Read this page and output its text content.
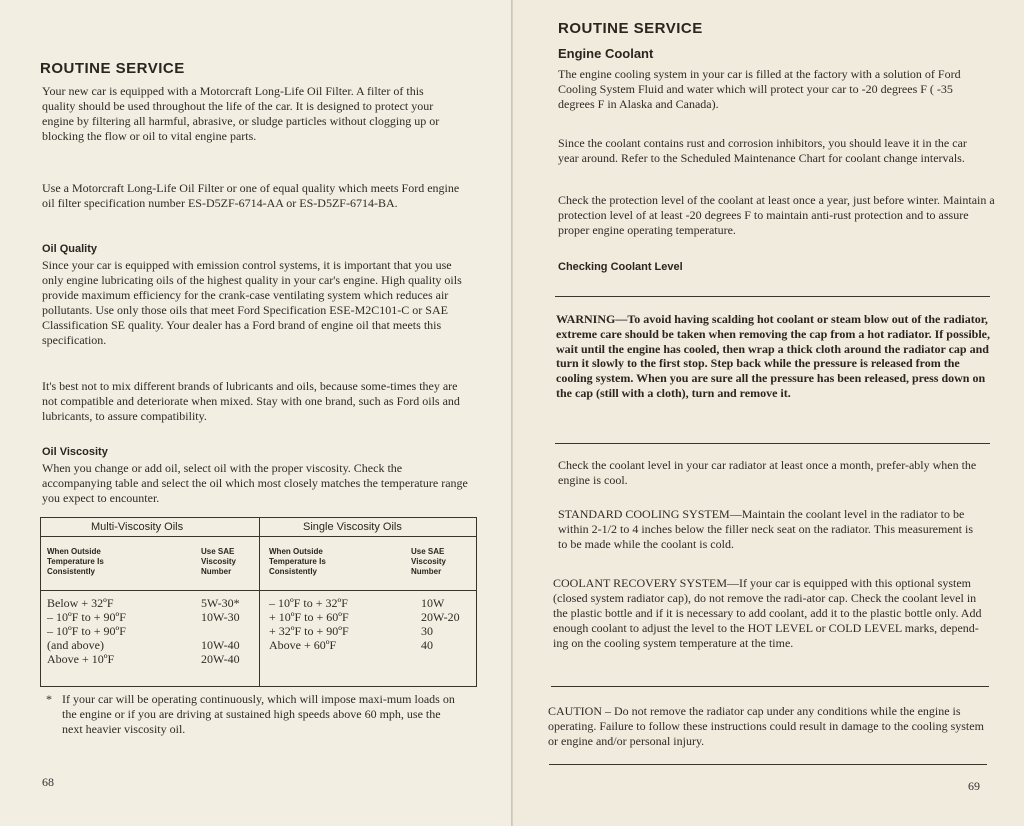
ROUTINE SERVICE

Your new car is equipped with a Motorcraft Long-Life Oil Filter. A filter of this quality should be used throughout the life of the car. It is designed to protect your engine by filtering all harmful, abrasive, or sludge particles without clogging up or blocking the flow or oil to vital engine parts.

Use a Motorcraft Long-Life Oil Filter or one of equal quality which meets Ford engine oil filter specification number ES-D5ZF-6714-AA or ES-D5ZF-6714-BA.

Oil Quality

Since your car is equipped with emission control systems, it is important that you use only engine lubricating oils of the highest quality in your car's engine. High quality oils provide maximum efficiency for the crank-case ventilating system which reduces air pollutants. Use only those oils that meet Ford Specification ESE-M2C101-C or SAE Classification SE quality. Your dealer has a Ford brand of engine oil that meets this specification.

It's best not to mix different brands of lubricants and oils, because some-times they are not compatible and deteriorate when mixed. Stay with one brand, such as Ford oils and lubricants, to assure compatibility.

Oil Viscosity

When you change or add oil, select oil with the proper viscosity. Check the accompanying table and select the oil which most closely matches the temperature range you expect to encounter.

Multi-Viscosity Oils	Single Viscosity Oils
When Outside
Temperature Is
Consistently
Use SAE
Viscosity
Number
When Outside
Temperature Is
Consistently
Use SAE
Viscosity
Number
Below + 32ºF
– 10ºF to + 90ºF
– 10ºF to + 90ºF
(and above)
Above + 10ºF
5W-30*
10W-30

10W-40
20W-40
– 10ºF to + 32ºF
+ 10ºF to + 60ºF
+ 32ºF to + 90ºF
Above + 60ºF
10W
20W-20
30
40
* If your car will be operating continuously, which will impose maxi-mum loads on the engine or if you are driving at sustained high speeds above 60 mph, use the next heavier viscosity oil.

68
ROUTINE SERVICE
Engine Coolant

The engine cooling system in your car is filled at the factory with a solution of Ford Cooling System Fluid and water which will protect your car to -20 degrees F ( -35 degrees F in Alaska and Canada).

Since the coolant contains rust and corrosion inhibitors, you should leave it in the car year around. Refer to the Scheduled Maintenance Chart for coolant change intervals.

Check the protection level of the coolant at least once a year, just before winter. Maintain a protection level of at least -20 degrees F to maintain anti-rust protection and to assure proper engine operating temperature.

Checking Coolant Level

WARNING—To avoid having scalding hot coolant or steam blow out of the radiator, extreme care should be taken when removing the cap from a hot radiator. If possible, wait until the engine has cooled, then wrap a thick cloth around the radiator cap and turn it slowly to the first stop. Step back while the pressure is released from the cooling system. When you are sure all the pressure has been released, press down on the cap (still with a cloth), turn and remove it.

Check the coolant level in your car radiator at least once a month, prefer-ably when the engine is cool.

STANDARD COOLING SYSTEM—Maintain the coolant level in the radiator to be within 2-1/2 to 4 inches below the filler neck seat on the radiator. This measurement is to be made while the coolant is cold.

COOLANT RECOVERY SYSTEM—If your car is equipped with this optional system (closed system radiator cap), do not remove the radi-ator cap. Check the coolant level in the plastic bottle and if it is necessary to add coolant, add it to the plastic bottle only. Add enough coolant to adjust the level to the HOT LEVEL or COLD LEVEL marks, depend-ing on the cooling system temperature at the time.

CAUTION – Do not remove the radiator cap under any conditions while the engine is operating. Failure to follow these instructions could result in damage to the cooling system or engine and/or personal injury.

69
